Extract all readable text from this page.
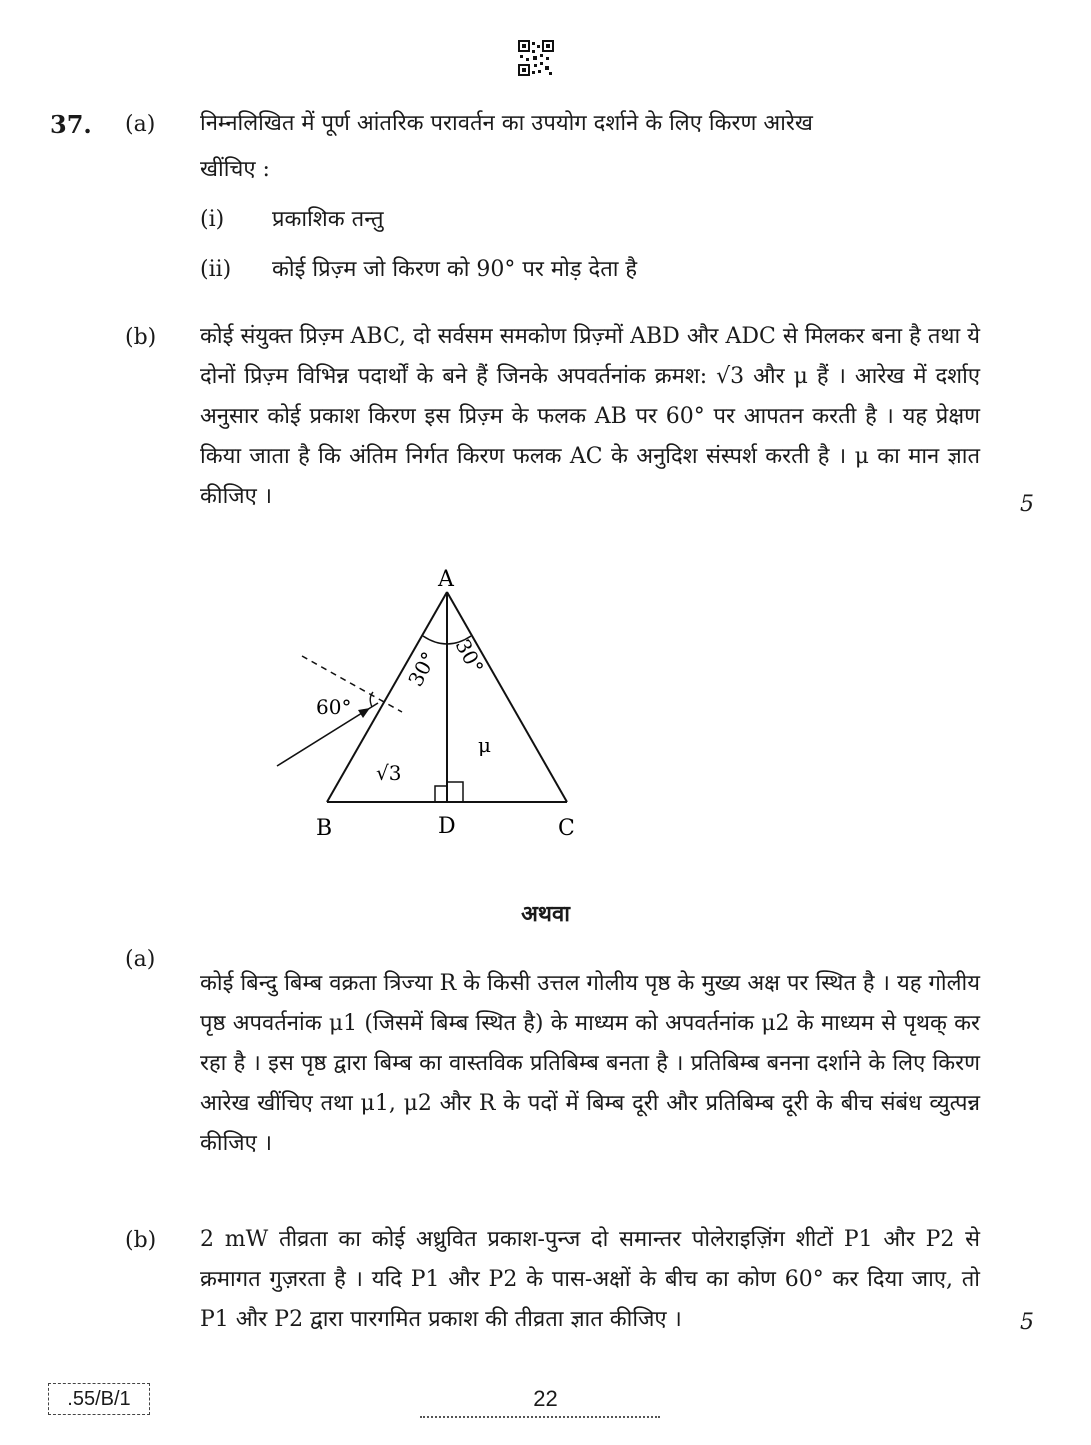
37. (a) निम्नलिखित में पूर्ण आंतरिक परावर्तन का उपयोग दर्शाने के लिए किरण आरेख
खींचिए :
(i) प्रकाशिक तन्तु
(ii) कोई प्रिज़्म जो किरण को 90° पर मोड़ देता है
(b) कोई संयुक्त प्रिज़्म ABC, दो सर्वसम समकोण प्रिज़्मों ABD और ADC से मिलकर बना है तथा ये दोनों प्रिज़्म विभिन्न पदार्थों के बने हैं जिनके अपवर्तनांक क्रमश: √3 और μ हैं । आरेख में दर्शाए अनुसार कोई प्रकाश किरण इस प्रिज़्म के फलक AB पर 60° पर आपतन करती है । यह प्रेक्षण किया जाता है कि अंतिम निर्गत किरण फलक AC के अनुदिश संस्पर्श करती है । μ का मान ज्ञात कीजिए ।	5
A
B	D	C
30° 30°
60°
√3
μ
अथवा
(a)
कोई बिन्दु बिम्ब वक्रता त्रिज्या R के किसी उत्तल गोलीय पृष्ठ के मुख्य अक्ष पर स्थित है । यह गोलीय पृष्ठ अपवर्तनांक μ1 (जिसमें बिम्ब स्थित है) के माध्यम को अपवर्तनांक μ2 के माध्यम से पृथक् कर रहा है । इस पृष्ठ द्वारा बिम्ब का वास्तविक प्रतिबिम्ब बनता है । प्रतिबिम्ब बनना दर्शाने के लिए किरण आरेख खींचिए तथा μ1, μ2 और R के पदों में बिम्ब दूरी और प्रतिबिम्ब दूरी के बीच संबंध व्युत्पन्न कीजिए ।
(b) 2 mW तीव्रता का कोई अध्रुवित प्रकाश-पुन्ज दो समान्तर पोलेराइज़िंग शीटों P1 और P2 से क्रमागत गुज़रता है । यदि P1 और P2 के पास-अक्षों के बीच का कोण 60° कर दिया जाए, तो P1 और P2 द्वारा पारगमित प्रकाश की तीव्रता ज्ञात कीजिए ।	5
.55/B/1	22
